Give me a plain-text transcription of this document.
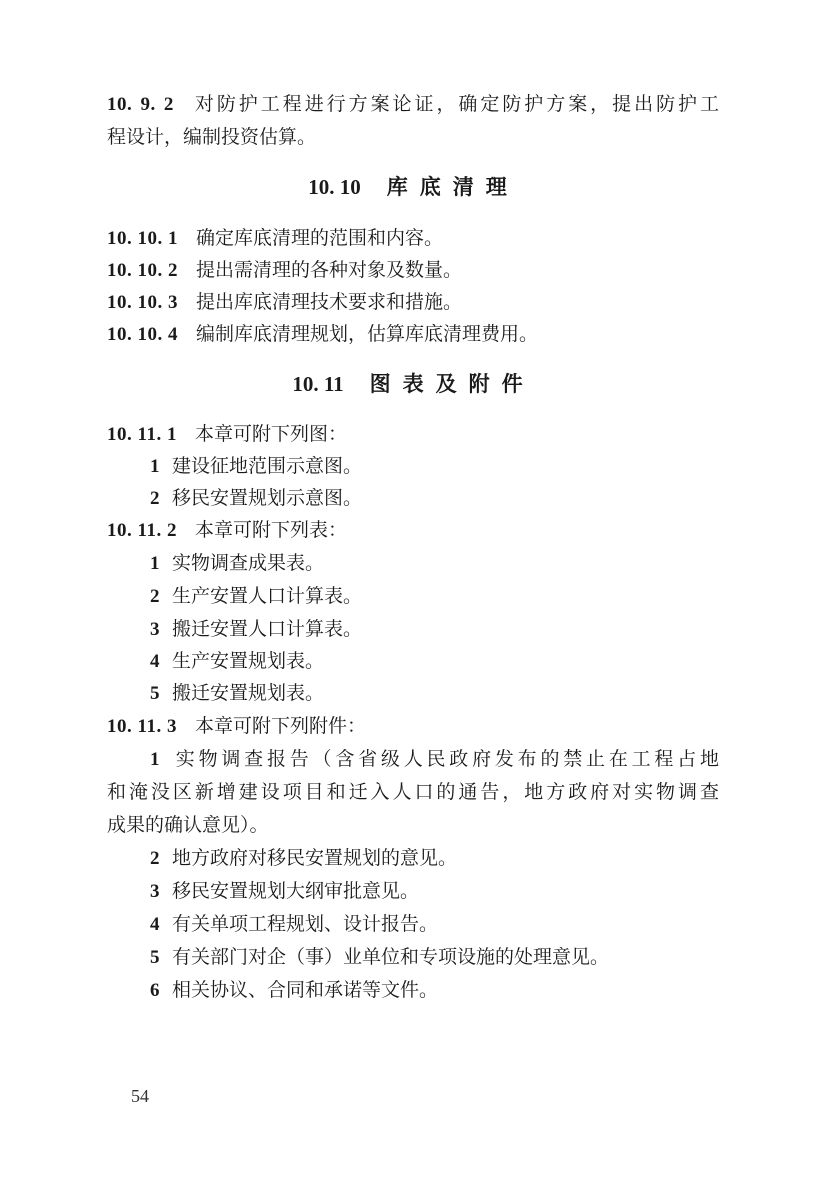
10. 9. 2 对防护工程进行方案论证，确定防护方案，提出防护工
程设计，编制投资估算。
10. 10 库底清理
10. 10. 1 确定库底清理的范围和内容。
10. 10. 2 提出需清理的各种对象及数量。
10. 10. 3 提出库底清理技术要求和措施。
10. 10. 4 编制库底清理规划，估算库底清理费用。
10. 11 图表及附件
10. 11. 1 本章可附下列图：
1 建设征地范围示意图。
2 移民安置规划示意图。
10. 11. 2 本章可附下列表：
1 实物调查成果表。
2 生产安置人口计算表。
3 搬迁安置人口计算表。
4 生产安置规划表。
5 搬迁安置规划表。
10. 11. 3 本章可附下列附件：
1 实物调查报告（含省级人民政府发布的禁止在工程占地
和淹没区新增建设项目和迁入人口的通告，地方政府对实物调查
成果的确认意见）。
2 地方政府对移民安置规划的意见。
3 移民安置规划大纲审批意见。
4 有关单项工程规划、设计报告。
5 有关部门对企（事）业单位和专项设施的处理意见。
6 相关协议、合同和承诺等文件。
54
